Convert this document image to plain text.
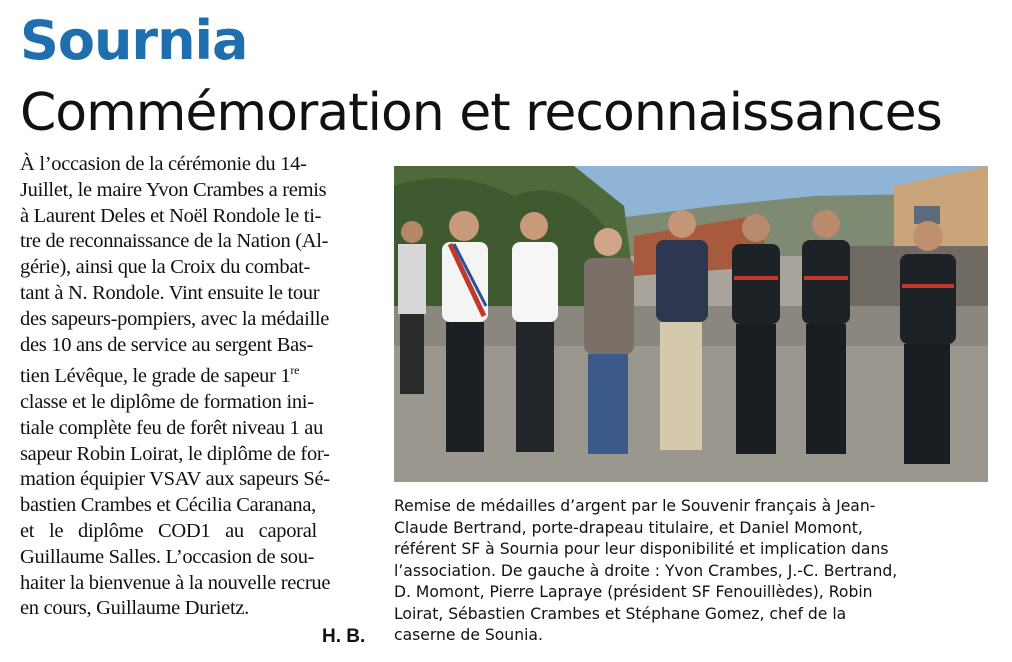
Sournia
Commémoration et reconnaissances
À l’occasion de la cérémonie du 14-
Juillet, le maire Yvon Crambes a remis
à Laurent Deles et Noël Rondole le ti-
tre de reconnaissance de la Nation (Al-
gérie), ainsi que la Croix du combat-
tant à N. Rondole. Vint ensuite le tour
des sapeurs-pompiers, avec la médaille
des 10 ans de service au sergent Bas-
tien Lévêque, le grade de sapeur 1re
classe et le diplôme de formation ini-
tiale complète feu de forêt niveau 1 au
sapeur Robin Loirat, le diplôme de for-
mation équipier VSAV aux sapeurs Sé-
bastien Crambes et Cécilia Caranana,
et le diplôme COD1 au caporal
Guillaume Salles. L’occasion de sou-
haiter la bienvenue à la nouvelle recrue
en cours, Guillaume Durietz.
H. B.
Remise de médailles d’argent par le Souvenir français à Jean-
Claude Bertrand, porte-drapeau titulaire, et Daniel Momont,
référent SF à Sournia pour leur disponibilité et implication dans
l’association. De gauche à droite : Yvon Crambes, J.-C. Bertrand,
D. Momont, Pierre Lapraye (président SF Fenouillèdes), Robin
Loirat, Sébastien Crambes et Stéphane Gomez, chef de la
caserne de Sounia.
